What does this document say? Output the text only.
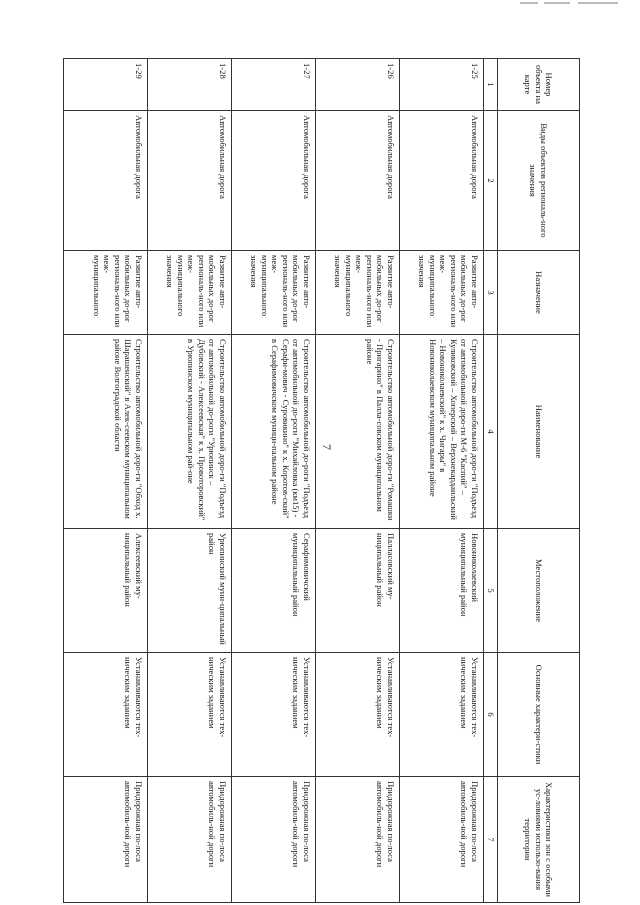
7
Номер объекта на карте	Виды объектов региональ-ного значения	Назначение	Наименование	Местоположение	Основные характери-стики	Характеристики зон с особыми ус-ловиями использо-вания территории
1	2	3	4	5	6	7
1-25	Автомобильная дорога	Развитие авто-мобильных до-рог региональ-ного или меж-муниципального значения	Строительство автомобильной доро-ги "Подъезд от автомобильной доро-ги М-6 "Каспий" – Куликовский – Хоперский – Верхнекардаильский – Новониколаевский" к х. Чигары" в Новониколаевском муниципальном районе	Новониколаевский муниципальный район	Устанавливаются тех-ническим заданием	Придорожная по-лоса автомобиль-ной дороги
1-26	Автомобильная дорога	Развитие авто-мобильных до-рог региональ-ного или меж-муниципального значения	Строительство автомобильной доро-ги "Ромашки - Пригарино" в Палла-совском муниципальном районе	Палласовский му-ниципальный район	Устанавливаются тех-ническим заданием	Придорожная по-лоса автомобиль-ной дороги
1-27	Автомобильная дорога	Развитие авто-мобильных до-рог региональ-ного или меж-муниципального значения	Строительство автомобильной до-роги "Подъезд от автомобильной до-роги "Михайловка (км15) - Серафи-мович - Суровикино" к х. Коротов-ский" в Серафимовичском муници-пальном районе	Серафимовичский муниципальный район	Устанавливаются тех-ническим заданием	Придорожная по-лоса автомобиль-ной дороги
1-28	Автомобильная дорога	Развитие авто-мобильных до-рог региональ-ного или меж-муниципального значения	Строительство автомобильной доро-ги "Подъезд от автомобильной до-роги "Урюпинск – Дубовский - Алексеевская" к х. Провоторовский" в Урюпинском муниципальном рай-оне	Урюпинский муни-ципальный район	Устанавливаются тех-ническим заданием	Придорожная по-лоса автомобиль-ной дороги
1-29	Автомобильная дорога	Развитие авто-мобильных до-рог региональ-ного или меж-муниципального	Строительство автомобильной доро-ги "Обход х. Шарашенский" в Алек-сеевском муниципальном районе Волгоградской области	Алексеевский му-ниципальный район	Устанавливаются тех-ническим заданием	Придорожная по-лоса автомобиль-ной дороги
